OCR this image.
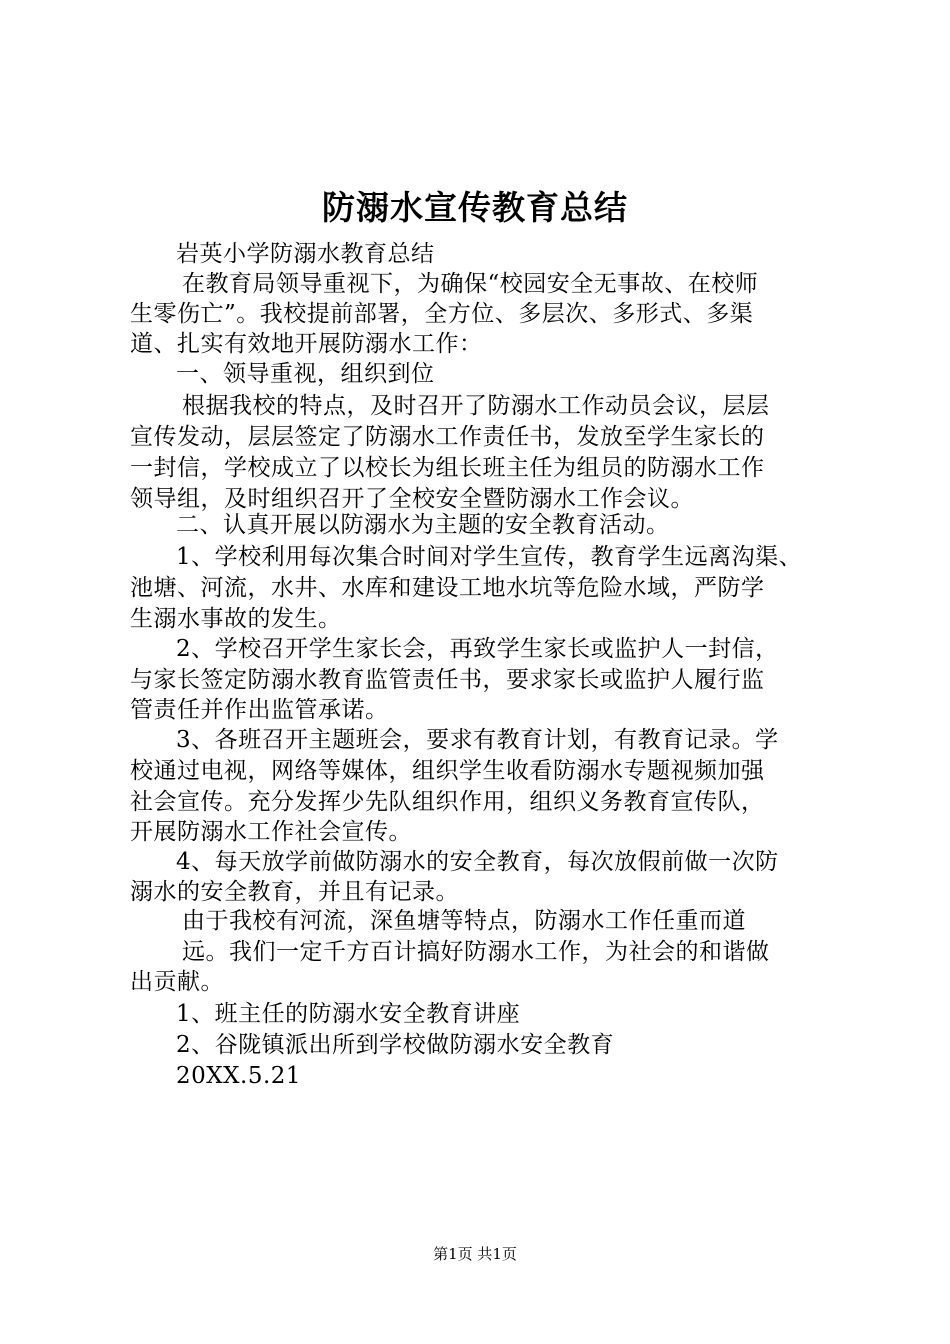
防溺水宣传教育总结
岩英小学防溺水教育总结
在教育局领导重视下，为确保“校园安全无事故、在校师
生零伤亡”。我校提前部署，全方位、多层次、多形式、多渠
道、扎实有效地开展防溺水工作：
一、领导重视，组织到位
根据我校的特点，及时召开了防溺水工作动员会议，层层
宣传发动，层层签定了防溺水工作责任书，发放至学生家长的
一封信，学校成立了以校长为组长班主任为组员的防溺水工作
领导组，及时组织召开了全校安全暨防溺水工作会议。
二、认真开展以防溺水为主题的安全教育活动。
1、学校利用每次集合时间对学生宣传，教育学生远离沟渠、
池塘、河流，水井、水库和建设工地水坑等危险水域，严防学
生溺水事故的发生。
2、学校召开学生家长会，再致学生家长或监护人一封信，
与家长签定防溺水教育监管责任书，要求家长或监护人履行监
管责任并作出监管承诺。
3、各班召开主题班会，要求有教育计划，有教育记录。学
校通过电视，网络等媒体，组织学生收看防溺水专题视频加强
社会宣传。充分发挥少先队组织作用，组织义务教育宣传队，
开展防溺水工作社会宣传。
4、每天放学前做防溺水的安全教育，每次放假前做一次防
溺水的安全教育，并且有记录。
由于我校有河流，深鱼塘等特点，防溺水工作任重而道
远。我们一定千方百计搞好防溺水工作，为社会的和谐做
出贡献。
1、班主任的防溺水安全教育讲座
2、谷陇镇派出所到学校做防溺水安全教育
20XX.5.21
第1页 共1页
